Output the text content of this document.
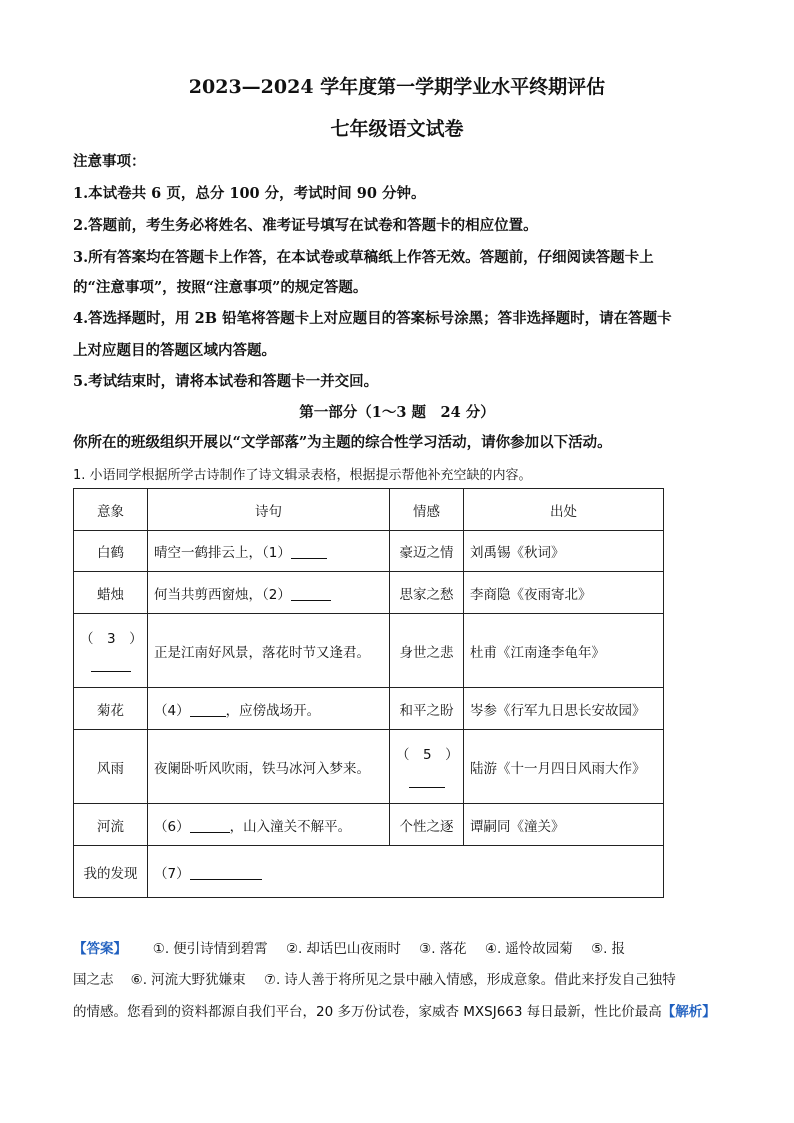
2023—2024 学年度第一学期学业水平终期评估
七年级语文试卷
注意事项：
1.本试卷共 6 页，总分 100 分，考试时间 90 分钟。
2.答题前，考生务必将姓名、准考证号填写在试卷和答题卡的相应位置。
3.所有答案均在答题卡上作答，在本试卷或草稿纸上作答无效。答题前，仔细阅读答题卡上
的“注意事项”，按照“注意事项”的规定答题。
4.答选择题时，用 2B 铅笔将答题卡上对应题目的答案标号涂黑；答非选择题时，请在答题卡
上对应题目的答题区域内答题。
5.考试结束时，请将本试卷和答题卡一并交回。
第一部分（1～3 题　24 分）
你所在的班级组织开展以“文学部落”为主题的综合性学习活动，请你参加以下活动。
1. 小语同学根据所学古诗制作了诗文辑录表格，根据提示帮他补充空缺的内容。
意象	诗句	情感	出处
白鹤	晴空一鹤排云上，（1）	豪迈之情	刘禹锡《秋词》
蜡烛	何当共剪西窗烛，（2）	思家之愁	李商隐《夜雨寄北》

（　3　）	正是江南好风景，落花时节又逢君。	身世之悲	杜甫《江南逢李龟年》
菊花	（4） ，应傍战场开。	和平之盼	岑参《行军九日思长安故园》
风雨	夜阑卧听风吹雨，铁马冰河入梦来。	（　5　）	陆游《十一月四日风雨大作》
河流	（6） ，山入潼关不解平。	个性之逐	谭嗣同《潼关》
我的发现	（7）		
【答案】 ①. 便引诗情到碧霄 ②. 却话巴山夜雨时 ③. 落花 ④. 遥怜故园菊 ⑤. 报
国之志 ⑥. 河流大野犹嫌束 ⑦. 诗人善于将所见之景中融入情感，形成意象。借此来抒发自己独特
的情感。您看到的资料都源自我们平台，20 多万份试卷，家威杏 MXSJ663 每日最新，性比价最高【解析】
